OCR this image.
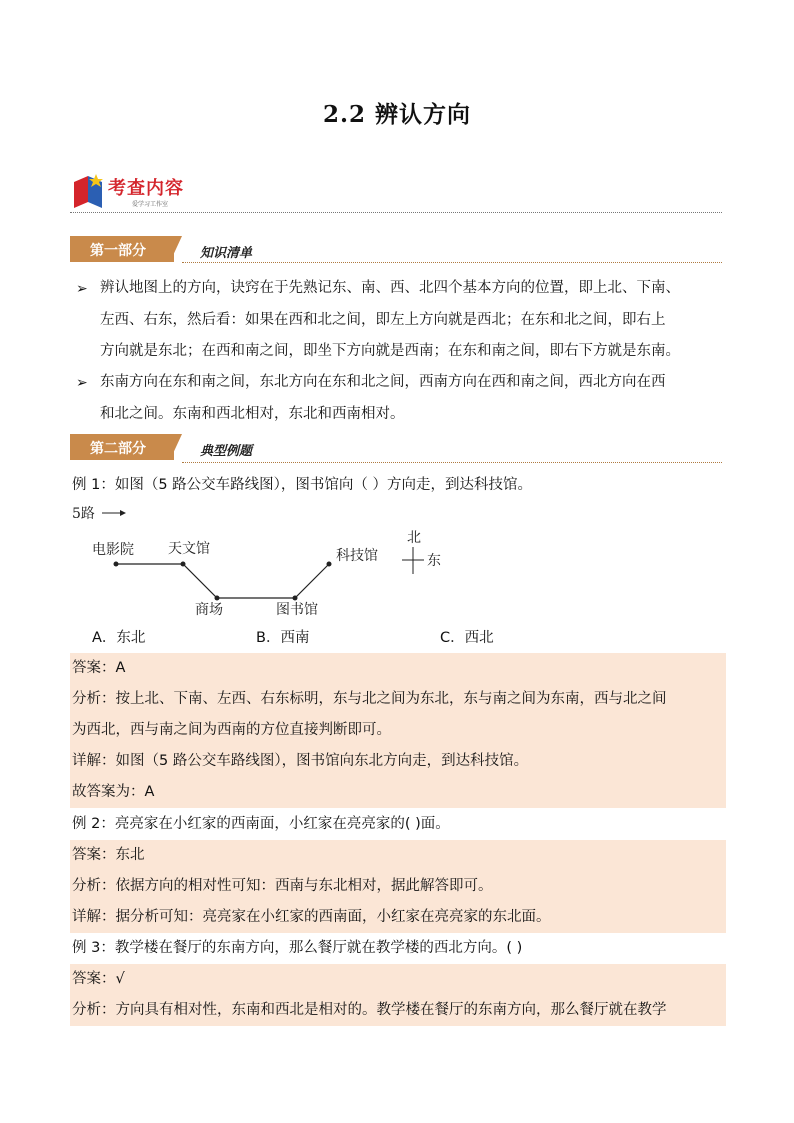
2.2 辨认方向
考查内容
爱学习工作室
第一部分	知识清单
➢ 辨认地图上的方向，诀窍在于先熟记东、南、西、北四个基本方向的位置，即上北、下南、
左西、右东，然后看：如果在西和北之间，即左上方向就是西北；在东和北之间，即右上
方向就是东北；在西和南之间，即坐下方向就是西南；在东和南之间，即右下方就是东南。
➢ 东南方向在东和南之间，东北方向在东和北之间，西南方向在西和南之间，西北方向在西
和北之间。东南和西北相对，东北和西南相对。
第二部分	典型例题
例 1：如图（5 路公交车路线图），图书馆向（ ）方向走，到达科技馆。
5路
电影院 天文馆
商场	图书馆
科技馆
北
东
A．东北	B．西南	C．西北
答案：A
分析：按上北、下南、左西、右东标明，东与北之间为东北，东与南之间为东南，西与北之间
为西北，西与南之间为西南的方位直接判断即可。
详解：如图（5 路公交车路线图），图书馆向东北方向走，到达科技馆。
故答案为：A
例 2：亮亮家在小红家的西南面，小红家在亮亮家的( )面。
答案：东北
分析：依据方向的相对性可知：西南与东北相对，据此解答即可。
详解：据分析可知：亮亮家在小红家的西南面，小红家在亮亮家的东北面。
例 3：教学楼在餐厅的东南方向，那么餐厅就在教学楼的西北方向。( )
答案：√
分析：方向具有相对性，东南和西北是相对的。教学楼在餐厅的东南方向，那么餐厅就在教学
